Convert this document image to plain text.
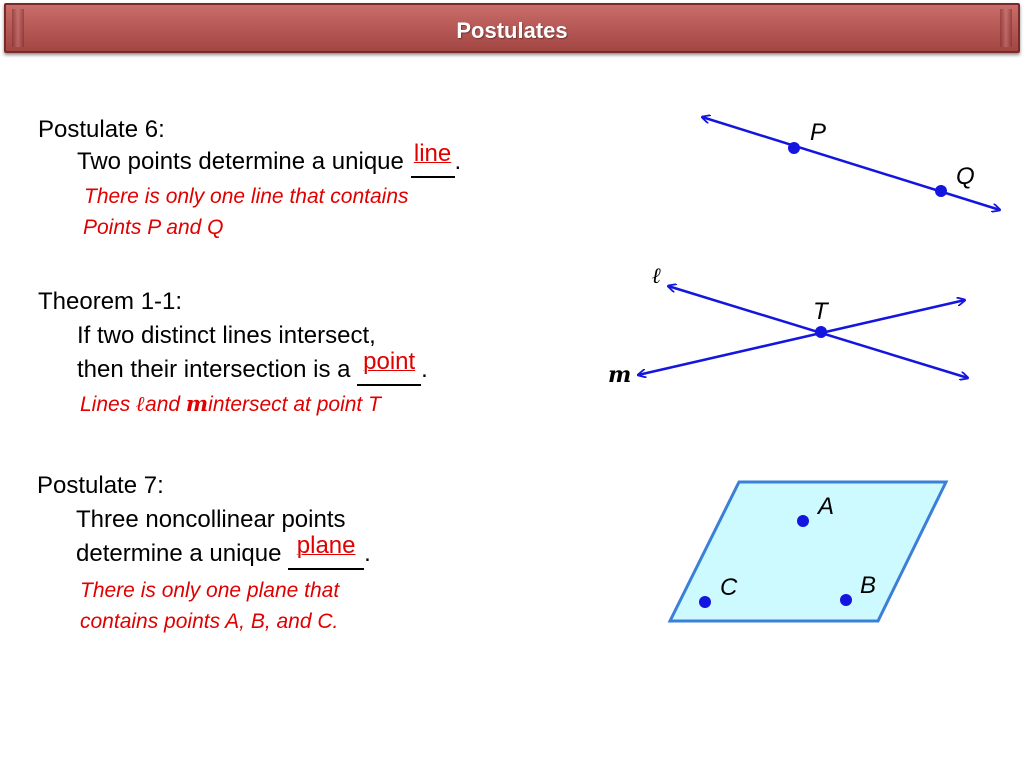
Postulates
Postulate 6:
Two points determine a unique line .
There is only one line that contains
Points P and Q
Theorem 1-1:
If two distinct lines intersect,
then their intersection is a point .
Lines ℓand mintersect at point T
Postulate 7:
Three noncollinear points
determine a unique plane .
There is only one plane that
contains points A, B, and C.
P
Q
ℓ
m
T
A
B
C
